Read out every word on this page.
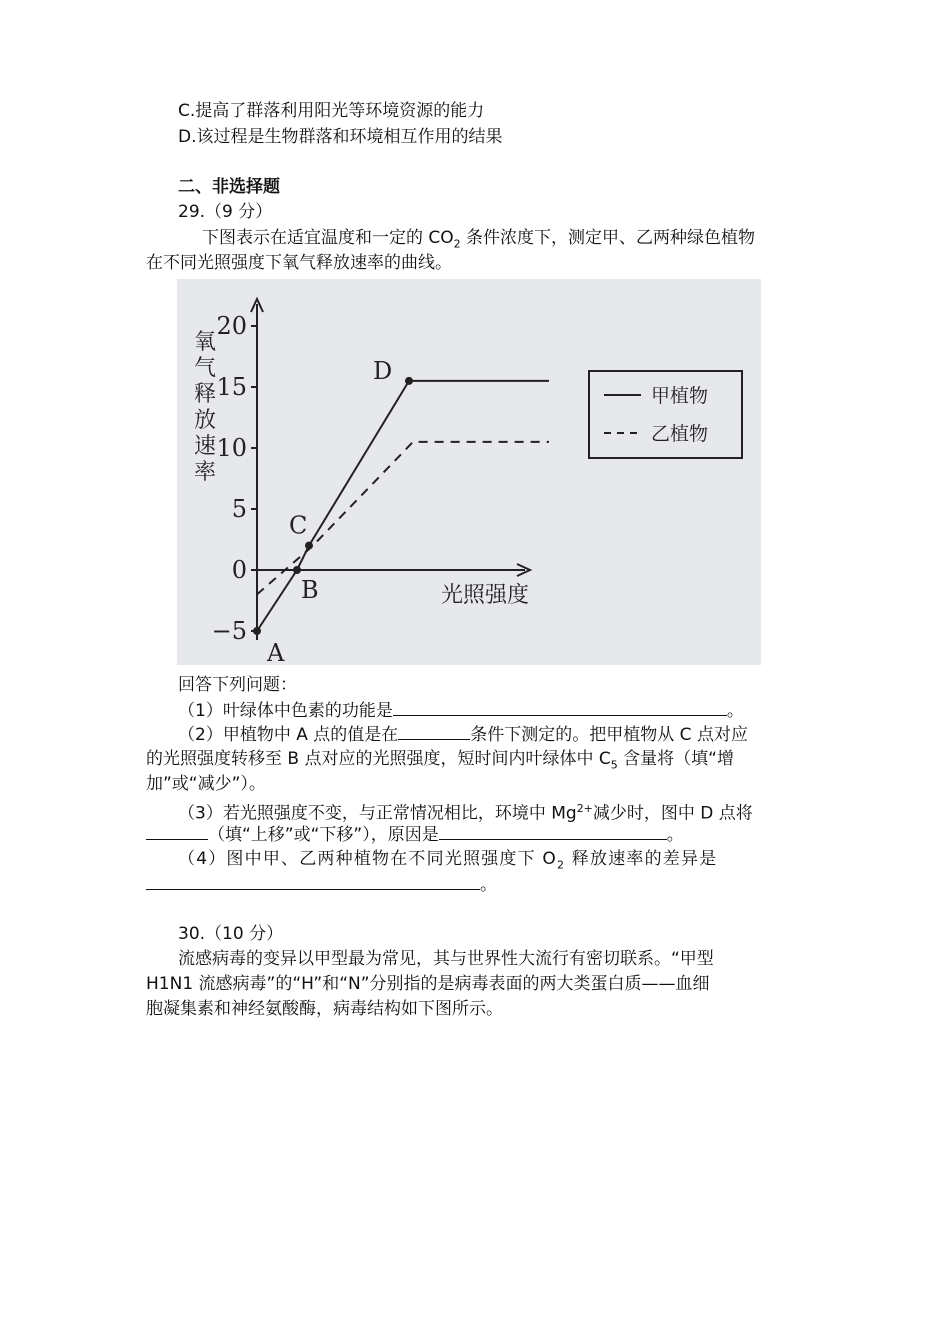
C.提高了群落利用阳光等环境资源的能力
D.该过程是生物群落和环境相互作用的结果
二、非选择题
29.（9 分）
下图表示在适宜温度和一定的 $CO_2$ 条件浓度下，测定甲、乙两种绿色植物
在不同光照强度下氧气释放速率的曲线。
20
15
10
5
0
−5
氧
气
释
放
速
率
光照强度
A
B
C
D
甲植物
乙植物
回答下列问题：
（1）叶绿体中色素的功能是	。
（2）甲植物中 A 点的值是在	条件下测定的。把甲植物从 C 点对应
的光照强度转移至 B 点对应的光照强度，短时间内叶绿体中 $C_5$ 含量将（填“增
加”或“减少”）。
（3）若光照强度不变，与正常情况相比，环境中 $Mg^{2+}$减少时，图中 D 点将
（填“上移”或“下移”），原因是	。
（4）图中甲、乙两种植物在不同光照强度下 $O_2$ 释放速率的差异是
。
30.（10 分）
流感病毒的变异以甲型最为常见，其与世界性大流行有密切联系。“甲型
H1N1 流感病毒”的“H”和“N”分别指的是病毒表面的两大类蛋白质——血细
胞凝集素和神经氨酸酶，病毒结构如下图所示。
